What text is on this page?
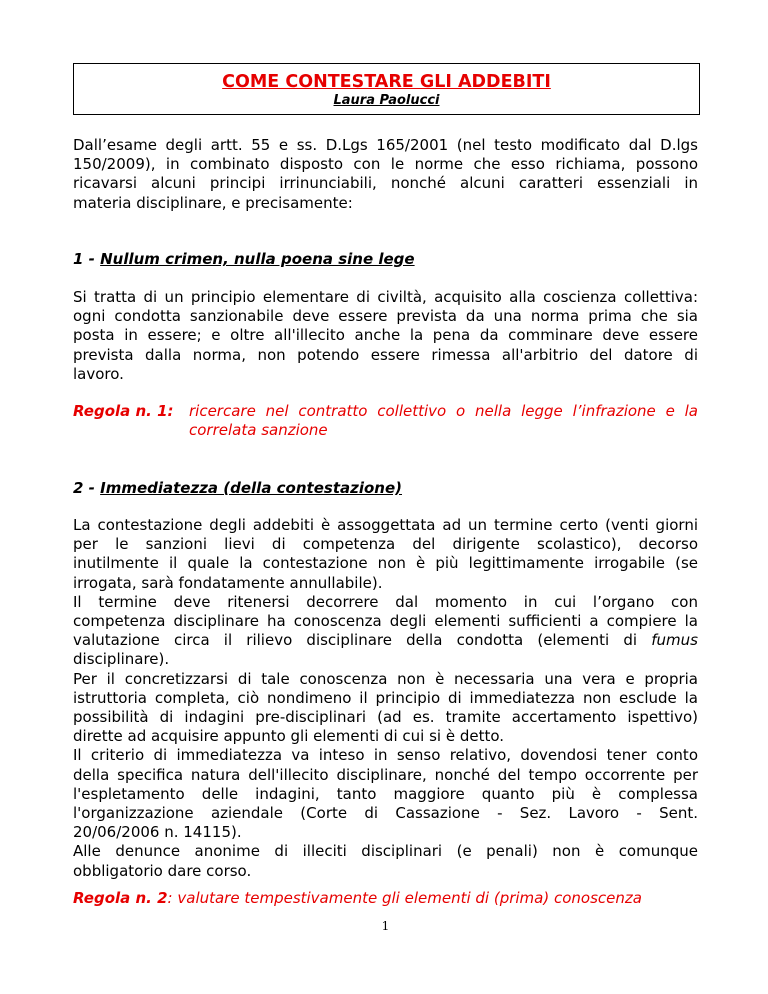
COME CONTESTARE GLI ADDEBITI
Laura Paolucci
Dall’esame degli artt. 55 e ss. D.Lgs 165/2001 (nel testo modificato dal D.lgs
150/2009), in combinato disposto con le norme che esso richiama, possono
ricavarsi alcuni principi irrinunciabili, nonché alcuni caratteri essenziali in
materia disciplinare, e precisamente:
1 - Nullum crimen, nulla poena sine lege
Si tratta di un principio elementare di civiltà, acquisito alla coscienza collettiva:
ogni condotta sanzionabile deve essere prevista da una norma prima che sia
posta in essere; e oltre all'illecito anche la pena da comminare deve essere
prevista dalla norma, non potendo essere rimessa all'arbitrio del datore di
lavoro.
Regola n. 1: ricercare nel contratto collettivo o nella legge l’infrazione e la
correlata sanzione
2 - Immediatezza (della contestazione)
La contestazione degli addebiti è assoggettata ad un termine certo (venti giorni
per le sanzioni lievi di competenza del dirigente scolastico), decorso
inutilmente il quale la contestazione non è più legittimamente irrogabile (se
irrogata, sarà fondatamente annullabile).
Il termine deve ritenersi decorrere dal momento in cui l’organo con
competenza disciplinare ha conoscenza degli elementi sufficienti a compiere la
valutazione circa il rilievo disciplinare della condotta (elementi di fumus
disciplinare).
Per il concretizzarsi di tale conoscenza non è necessaria una vera e propria
istruttoria completa, ciò nondimeno il principio di immediatezza non esclude la
possibilità di indagini pre-disciplinari (ad es. tramite accertamento ispettivo)
dirette ad acquisire appunto gli elementi di cui si è detto.
Il criterio di immediatezza va inteso in senso relativo, dovendosi tener conto
della specifica natura dell'illecito disciplinare, nonché del tempo occorrente per
l'espletamento delle indagini, tanto maggiore quanto più è complessa
l'organizzazione aziendale (Corte di Cassazione - Sez. Lavoro - Sent.
20/06/2006 n. 14115).
Alle denunce anonime di illeciti disciplinari (e penali) non è comunque
obbligatorio dare corso.
Regola n. 2: valutare tempestivamente gli elementi di (prima) conoscenza
1
